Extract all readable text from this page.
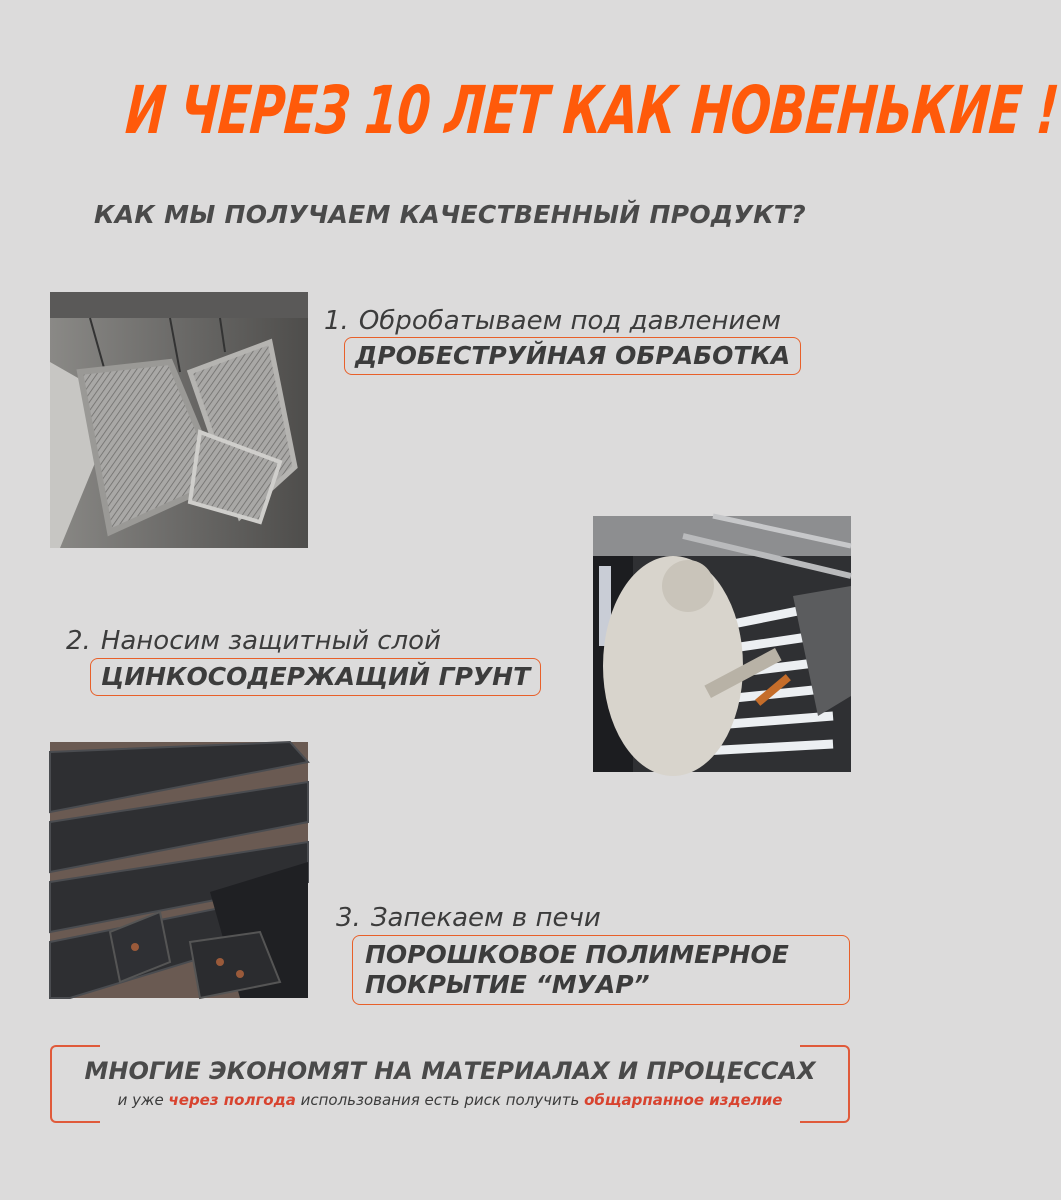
И ЧЕРЕЗ 10 ЛЕТ КАК НОВЕНЬКИЕ !
КАК МЫ ПОЛУЧАЕМ КАЧЕСТВЕННЫЙ ПРОДУКТ?
1. Обробатываем под давлением
ДРОБЕСТРУЙНАЯ ОБРАБОТКА
2. Наносим защитный слой
ЦИНКОСОДЕРЖАЩИЙ ГРУНТ
3. Запекаем в печи
ПОРОШКОВОЕ ПОЛИМЕРНОЕ
ПОКРЫТИЕ “МУАР”
МНОГИЕ ЭКОНОМЯТ НА МАТЕРИАЛАХ И ПРОЦЕССАХ
и уже через полгода использования есть риск получить общарпанное изделие
